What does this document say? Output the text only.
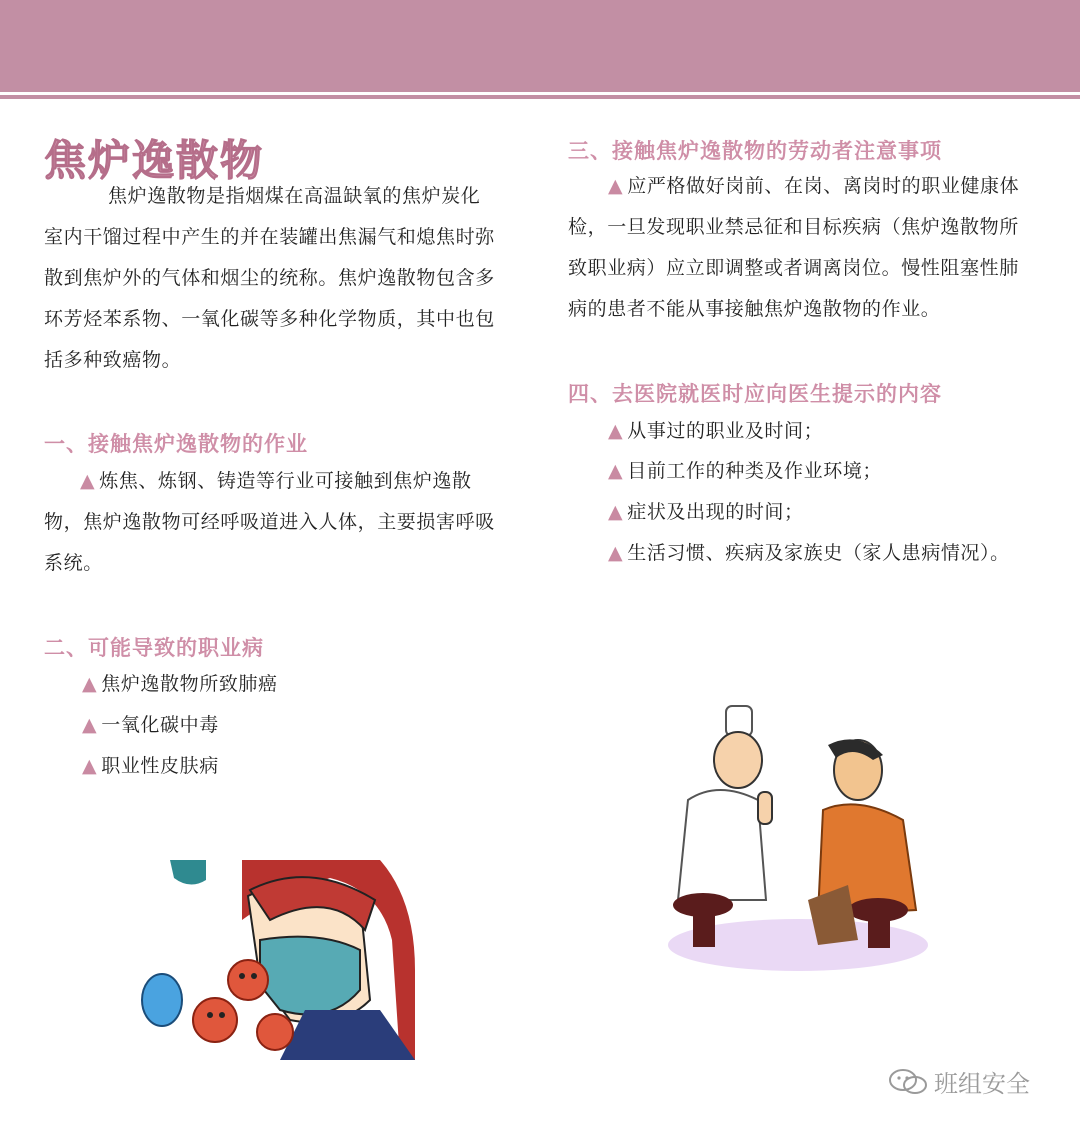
焦炉逸散物
焦炉逸散物是指烟煤在高温缺氧的焦炉炭化
室内干馏过程中产生的并在装罐出焦漏气和熄焦时弥
散到焦炉外的气体和烟尘的统称。焦炉逸散物包含多
环芳烃苯系物、一氧化碳等多种化学物质，其中也包
括多种致癌物。
一、接触焦炉逸散物的作业
▲ 炼焦、炼钢、铸造等行业可接触到焦炉逸散
物，焦炉逸散物可经呼吸道进入人体，主要损害呼吸
系统。
二、可能导致的职业病
▲ 焦炉逸散物所致肺癌
▲ 一氧化碳中毒
▲ 职业性皮肤病
三、接触焦炉逸散物的劳动者注意事项
▲ 应严格做好岗前、在岗、离岗时的职业健康体
检，一旦发现职业禁忌征和目标疾病（焦炉逸散物所
致职业病）应立即调整或者调离岗位。慢性阻塞性肺
病的患者不能从事接触焦炉逸散物的作业。
四、去医院就医时应向医生提示的内容
▲ 从事过的职业及时间；
▲ 目前工作的种类及作业环境；
▲ 症状及出现的时间；
▲ 生活习惯、疾病及家族史（家人患病情况）。
班组安全
